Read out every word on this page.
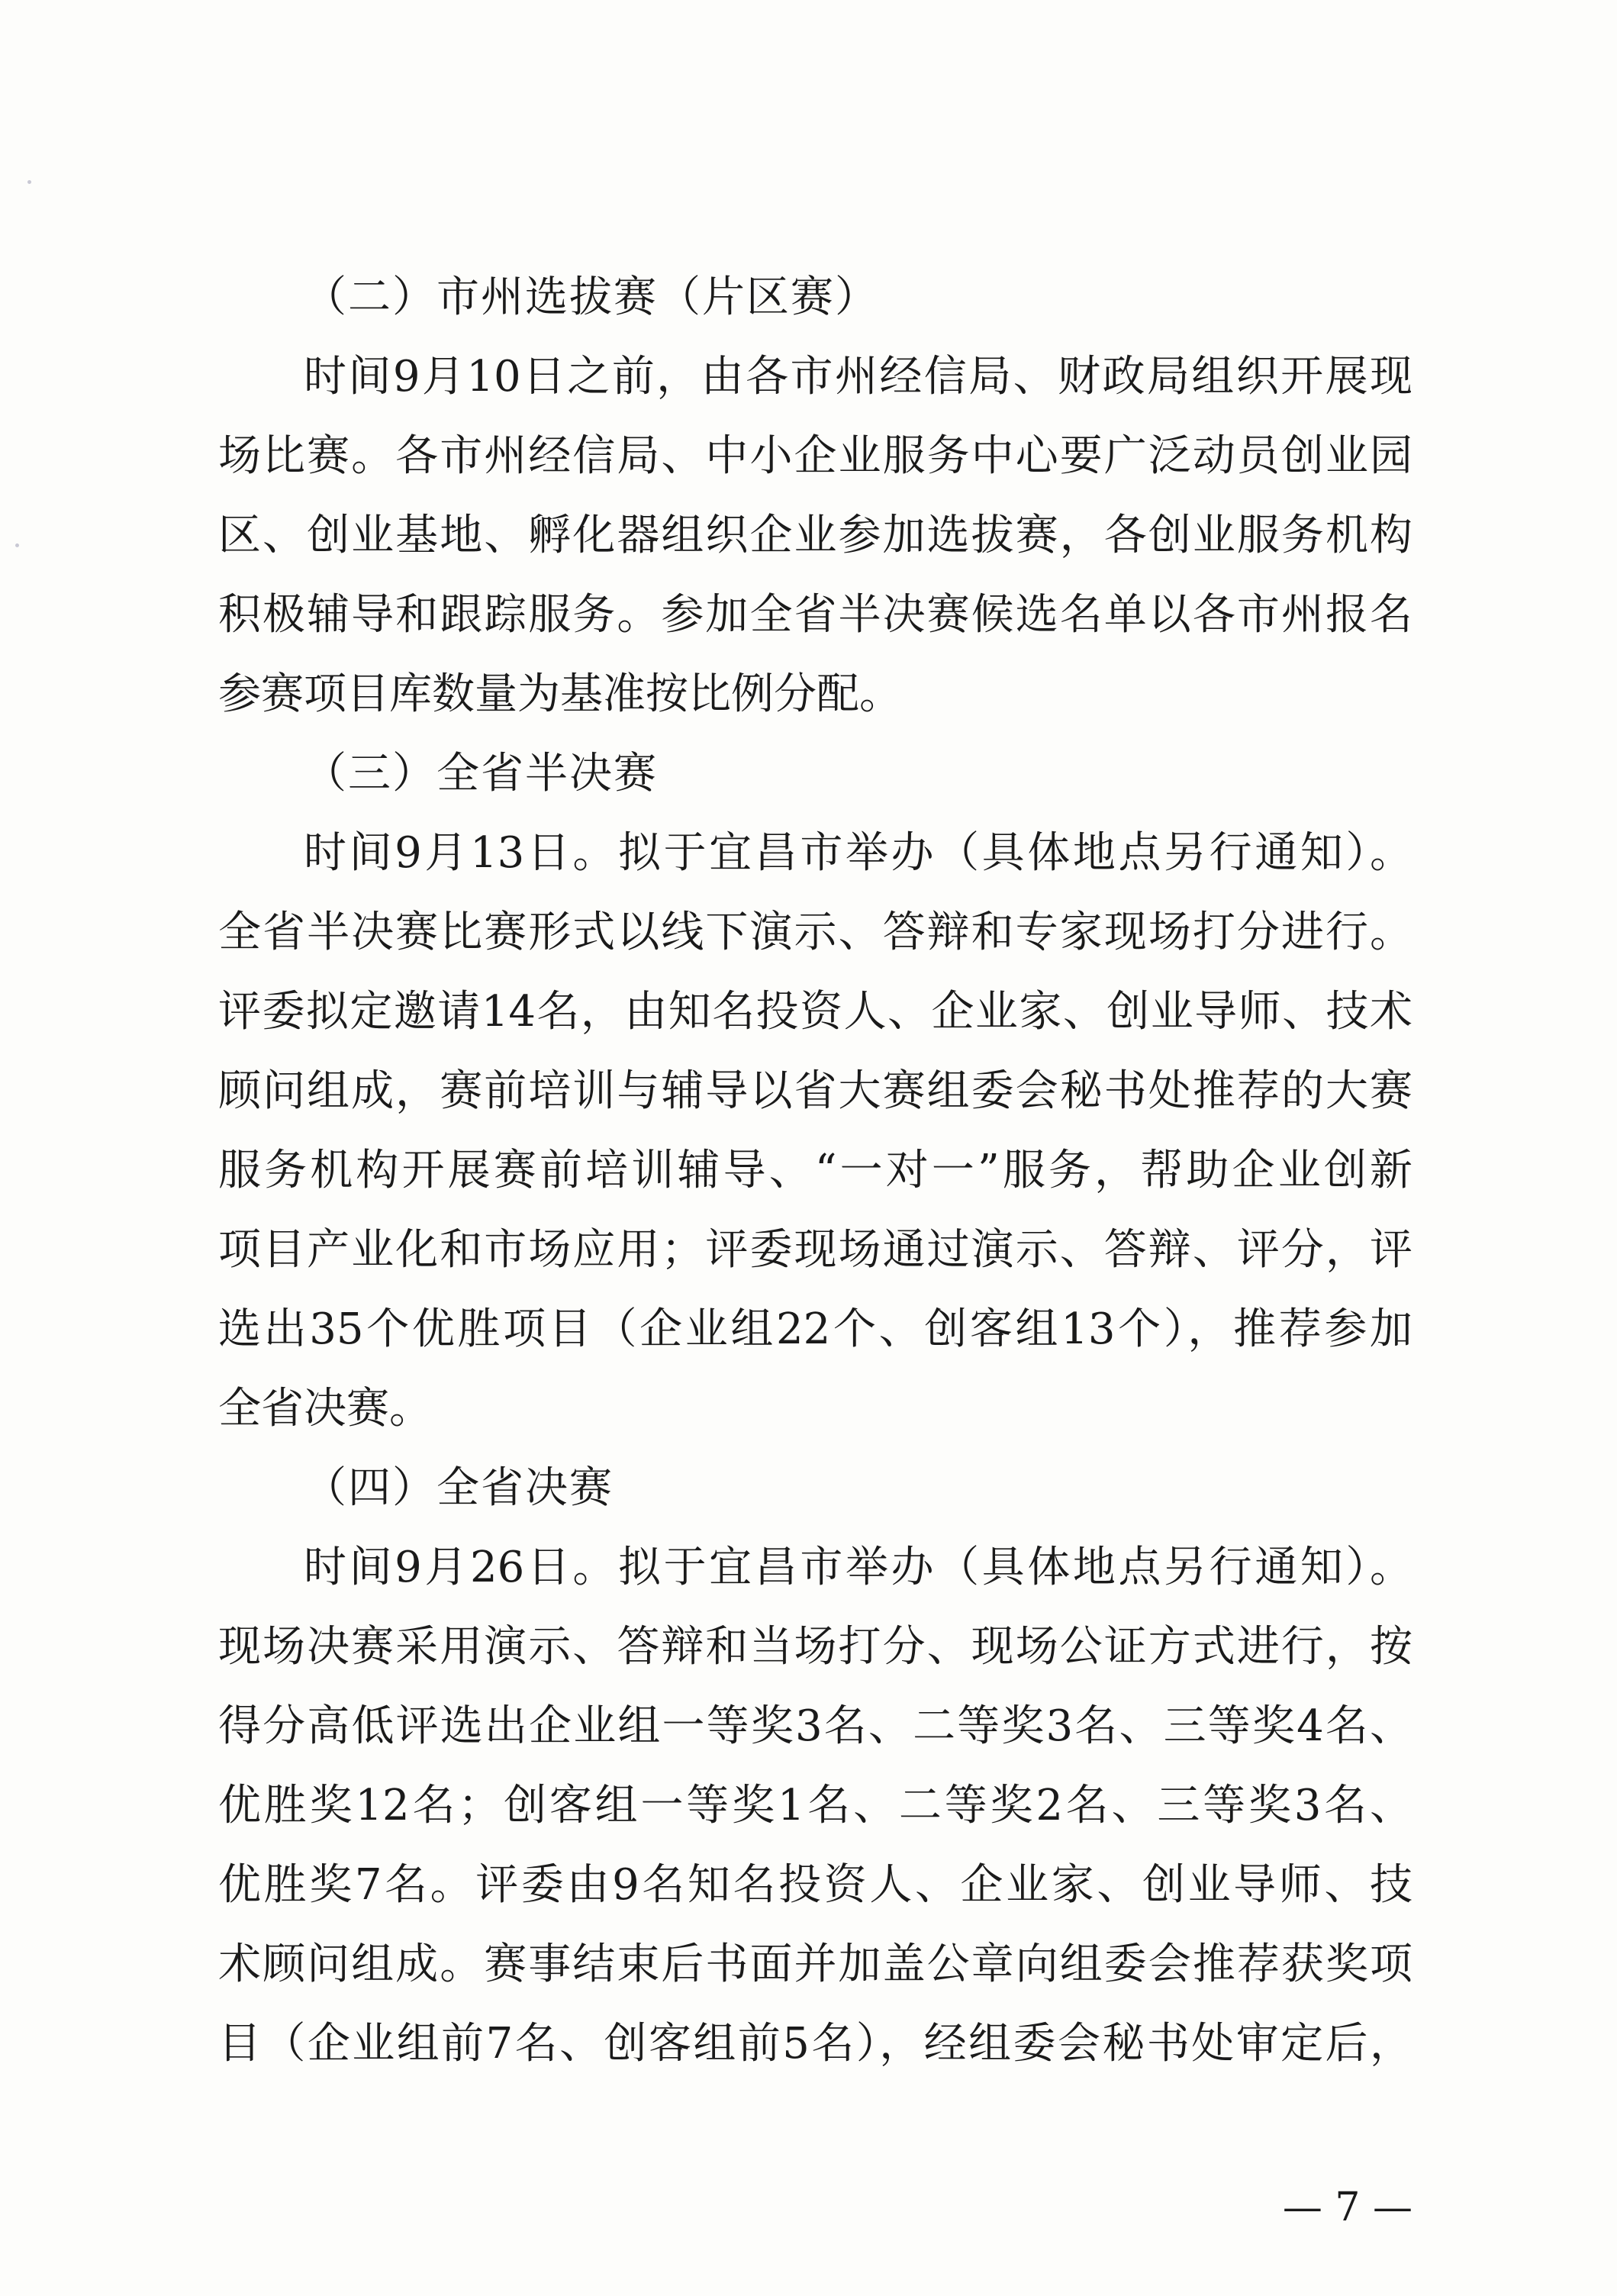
（二）市州选拔赛（片区赛）
时间9月10日之前，由各市州经信局、财政局组织开展现
场比赛。各市州经信局、中小企业服务中心要广泛动员创业园
区、创业基地、孵化器组织企业参加选拔赛，各创业服务机构
积极辅导和跟踪服务。参加全省半决赛候选名单以各市州报名
参赛项目库数量为基准按比例分配。
（三）全省半决赛
时间9月13日。拟于宜昌市举办（具体地点另行通知）。
全省半决赛比赛形式以线下演示、答辩和专家现场打分进行。
评委拟定邀请14名，由知名投资人、企业家、创业导师、技术
顾问组成，赛前培训与辅导以省大赛组委会秘书处推荐的大赛
服务机构开展赛前培训辅导、“一对一”服务，帮助企业创新
项目产业化和市场应用；评委现场通过演示、答辩、评分，评
选出35个优胜项目（企业组22个、创客组13个），推荐参加
全省决赛。
（四）全省决赛
时间9月26日。拟于宜昌市举办（具体地点另行通知）。
现场决赛采用演示、答辩和当场打分、现场公证方式进行，按
得分高低评选出企业组一等奖3名、二等奖3名、三等奖4名、
优胜奖12名；创客组一等奖1名、二等奖2名、三等奖3名、
优胜奖7名。评委由9名知名投资人、企业家、创业导师、技
术顾问组成。赛事结束后书面并加盖公章向组委会推荐获奖项
目（企业组前7名、创客组前5名），经组委会秘书处审定后，
— 7 —
